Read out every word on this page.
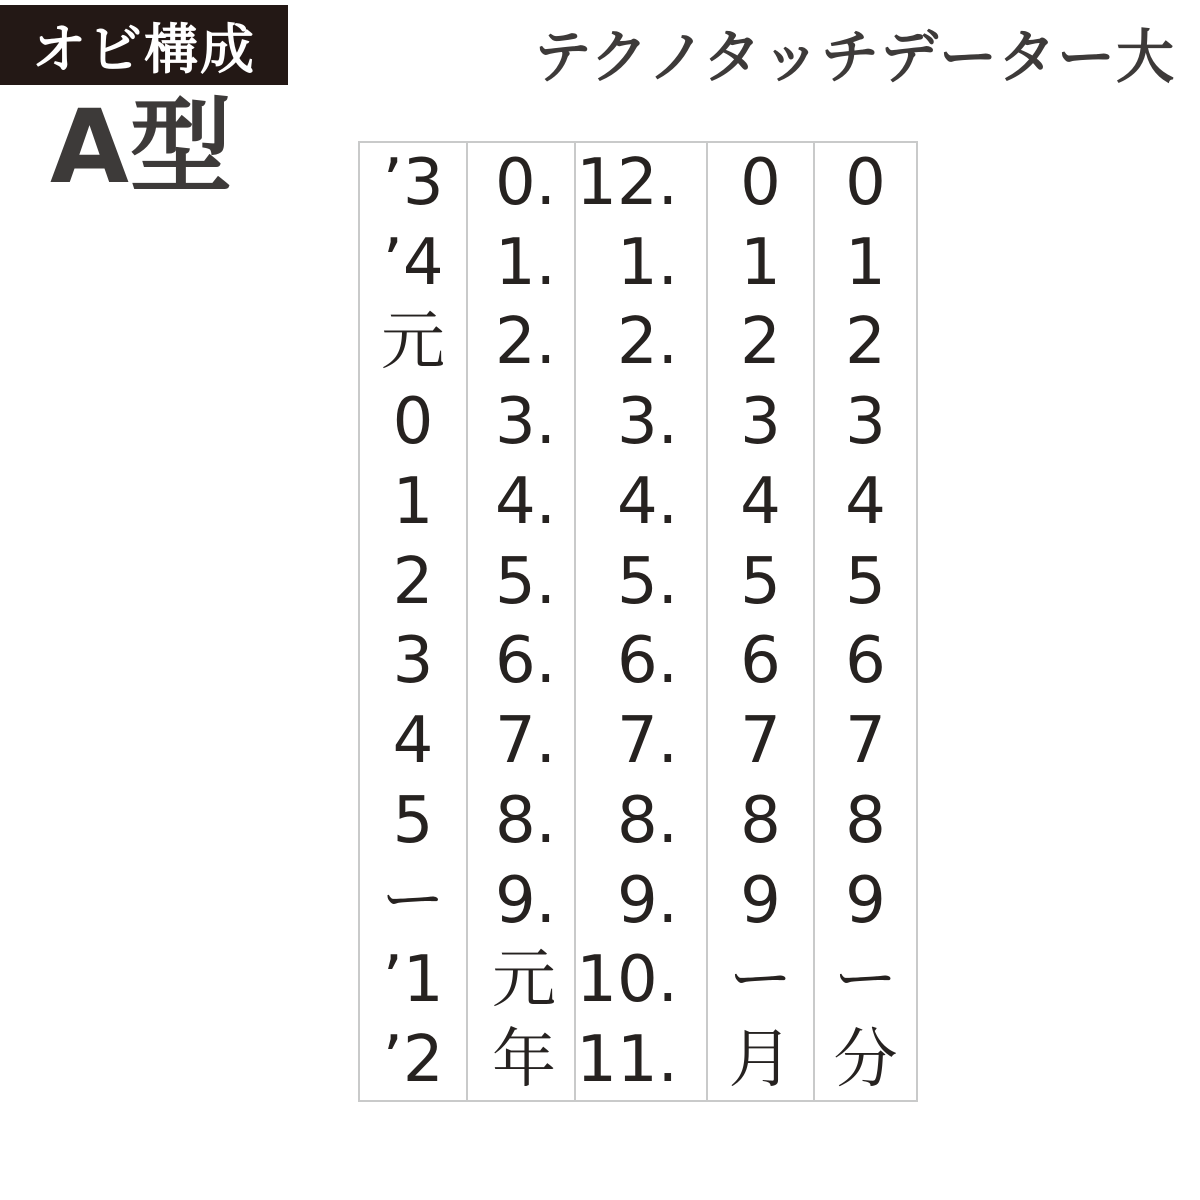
オビ構成	テクノタッチデーター大
A型	’3
’4
元
0
1
2
3
4
5
ー
’1
’2
0.
1.
2.
3.
4.
5.
6.
7.
8.
9.
元
年
12.
1.
2.
3.
4.
5.
6.
7.
8.
9.
10.
11.
0
1
2
3
4
5
6
7
8
9
ー
月
0
1
2
3
4
5
6
7
8
9
ー
分
